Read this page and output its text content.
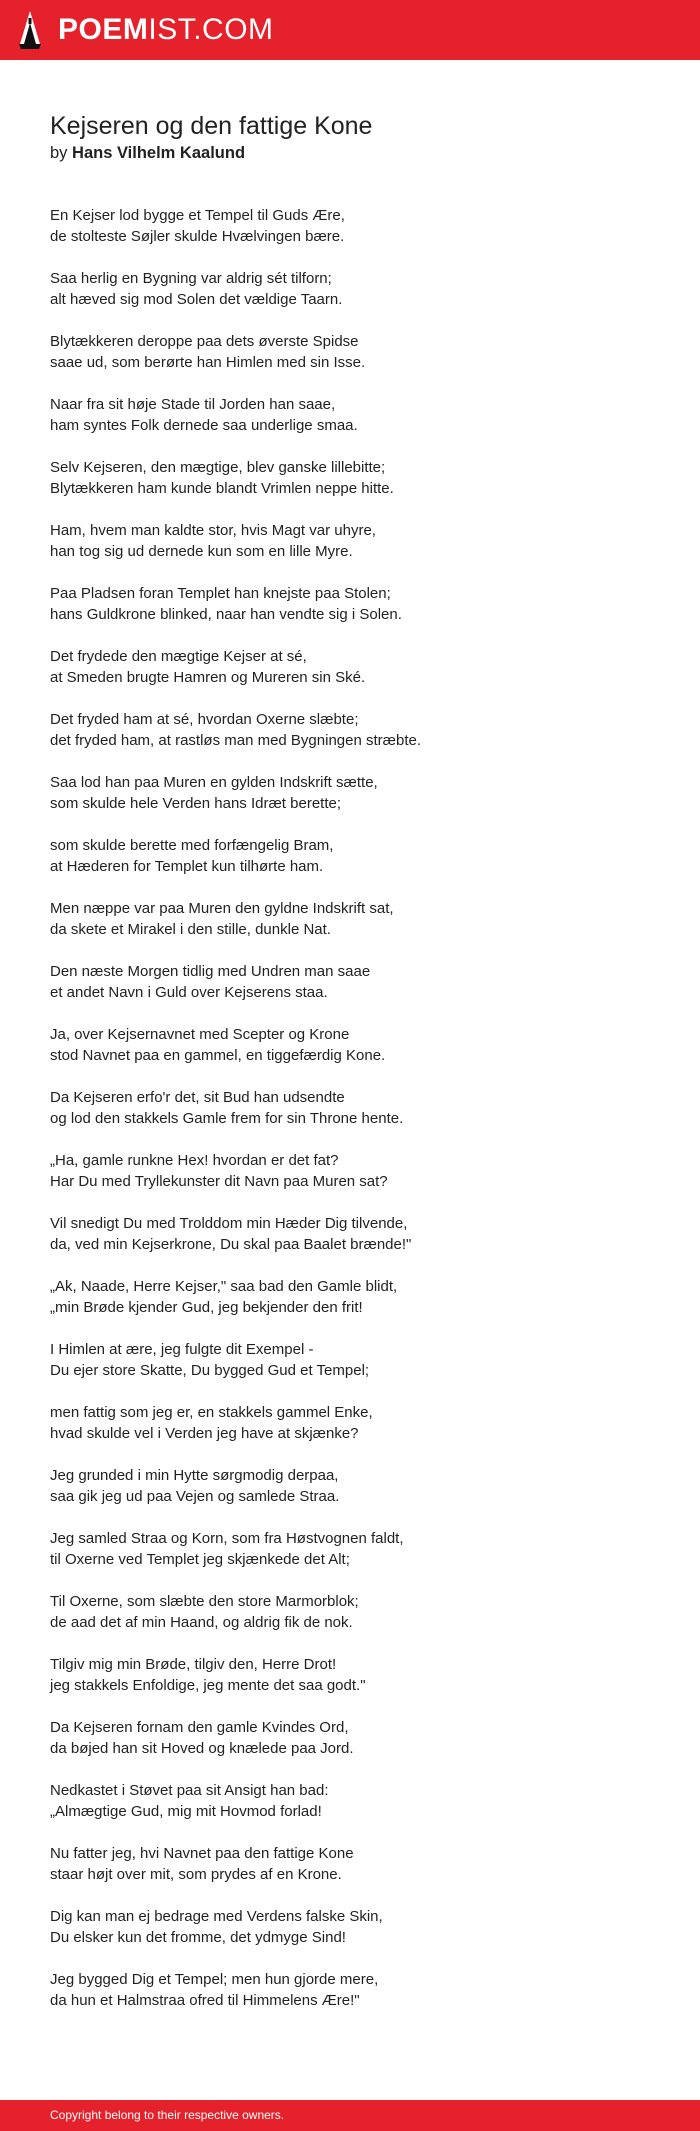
POEMIST.COM
Kejseren og den fattige Kone
by Hans Vilhelm Kaalund
En Kejser lod bygge et Tempel til Guds Ære,
de stolteste Søjler skulde Hvælvingen bære.
Saa herlig en Bygning var aldrig sét tilforn;
alt hæved sig mod Solen det vældige Taarn.
Blytækkeren deroppe paa dets øverste Spidse
saae ud, som berørte han Himlen med sin Isse.
Naar fra sit høje Stade til Jorden han saae,
ham syntes Folk dernede saa underlige smaa.
Selv Kejseren, den mægtige, blev ganske lillebitte;
Blytækkeren ham kunde blandt Vrimlen neppe hitte.
Ham, hvem man kaldte stor, hvis Magt var uhyre,
han tog sig ud dernede kun som en lille Myre.
Paa Pladsen foran Templet han knejste paa Stolen;
hans Guldkrone blinked, naar han vendte sig i Solen.
Det frydede den mægtige Kejser at sé,
at Smeden brugte Hamren og Mureren sin Ské.
Det fryded ham at sé, hvordan Oxerne slæbte;
det fryded ham, at rastløs man med Bygningen stræbte.
Saa lod han paa Muren en gylden Indskrift sætte,
som skulde hele Verden hans Idræt berette;
som skulde berette med forfængelig Bram,
at Hæderen for Templet kun tilhørte ham.
Men næppe var paa Muren den gyldne Indskrift sat,
da skete et Mirakel i den stille, dunkle Nat.
Den næste Morgen tidlig med Undren man saae
et andet Navn i Guld over Kejserens staa.
Ja, over Kejsernavnet med Scepter og Krone
stod Navnet paa en gammel, en tiggefærdig Kone.
Da Kejseren erfo'r det, sit Bud han udsendte
og lod den stakkels Gamle frem for sin Throne hente.
„Ha, gamle runkne Hex! hvordan er det fat?
Har Du med Tryllekunster dit Navn paa Muren sat?
Vil snedigt Du med Trolddom min Hæder Dig tilvende,
da, ved min Kejserkrone, Du skal paa Baalet brænde!"
„Ak, Naade, Herre Kejser," saa bad den Gamle blidt,
„min Brøde kjender Gud, jeg bekjender den frit!
I Himlen at ære, jeg fulgte dit Exempel -
Du ejer store Skatte, Du bygged Gud et Tempel;
men fattig som jeg er, en stakkels gammel Enke,
hvad skulde vel i Verden jeg have at skjænke?
Jeg grunded i min Hytte sørgmodig derpaa,
saa gik jeg ud paa Vejen og samlede Straa.
Jeg samled Straa og Korn, som fra Høstvognen faldt,
til Oxerne ved Templet jeg skjænkede det Alt;
Til Oxerne, som slæbte den store Marmorblok;
de aad det af min Haand, og aldrig fik de nok.
Tilgiv mig min Brøde, tilgiv den, Herre Drot!
jeg stakkels Enfoldige, jeg mente det saa godt."
Da Kejseren fornam den gamle Kvindes Ord,
da bøjed han sit Hoved og knælede paa Jord.
Nedkastet i Støvet paa sit Ansigt han bad:
„Almægtige Gud, mig mit Hovmod forlad!
Nu fatter jeg, hvi Navnet paa den fattige Kone
staar højt over mit, som prydes af en Krone.
Dig kan man ej bedrage med Verdens falske Skin,
Du elsker kun det fromme, det ydmyge Sind!
Jeg bygged Dig et Tempel; men hun gjorde mere,
da hun et Halmstraa ofred til Himmelens Ære!"
Copyright belong to their respective owners.
